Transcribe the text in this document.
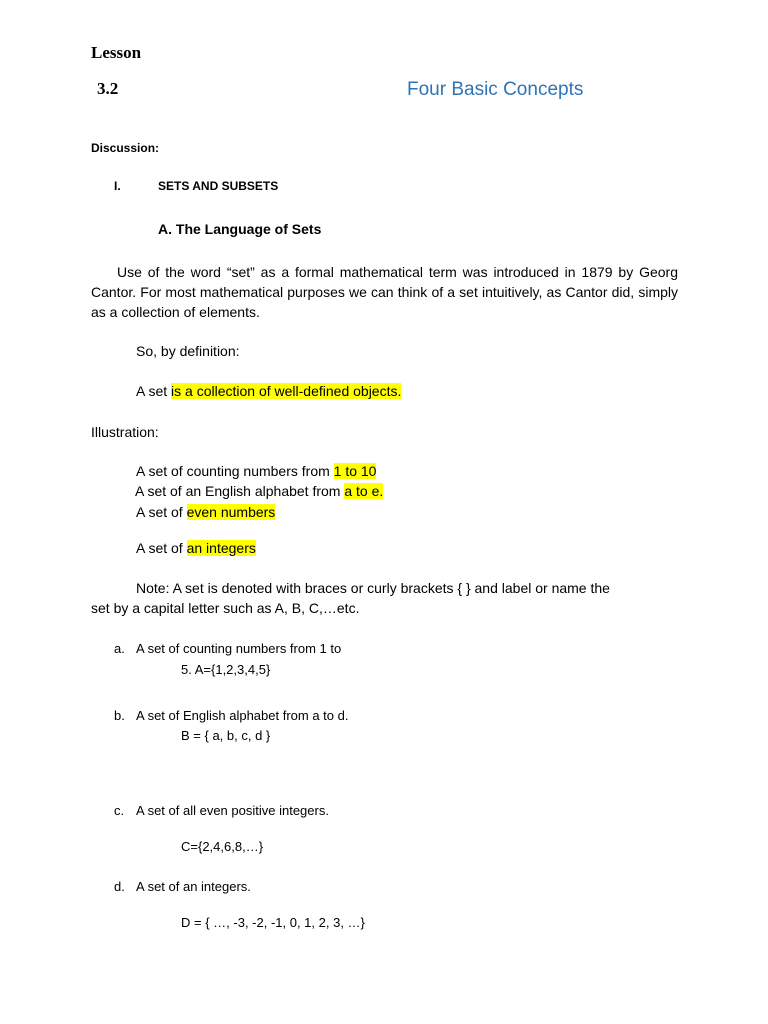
Lesson
3.2	Four Basic Concepts
Discussion:
I.	SETS AND SUBSETS
A. The Language of Sets
Use of the word “set” as a formal mathematical term was introduced in 1879 by Georg Cantor. For most mathematical purposes we can think of a set intuitively, as Cantor did, simply as a collection of elements.
So, by definition:
A set is a collection of well-defined objects.
Illustration:
A set of counting numbers from 1 to 10
A set of an English alphabet from a to e.
A set of even numbers
A set of an integers
Note: A set is denoted with braces or curly brackets { } and label or name the
set by a capital letter such as A, B, C,…etc.
a. A set of counting numbers from 1 to
5. A={1,2,3,4,5}
b. A set of English alphabet from a to d.
B = { a, b, c, d }
c. A set of all even positive integers.
C={2,4,6,8,…}
d. A set of an integers.
D = { …, -3, -2, -1, 0, 1, 2, 3, …}
